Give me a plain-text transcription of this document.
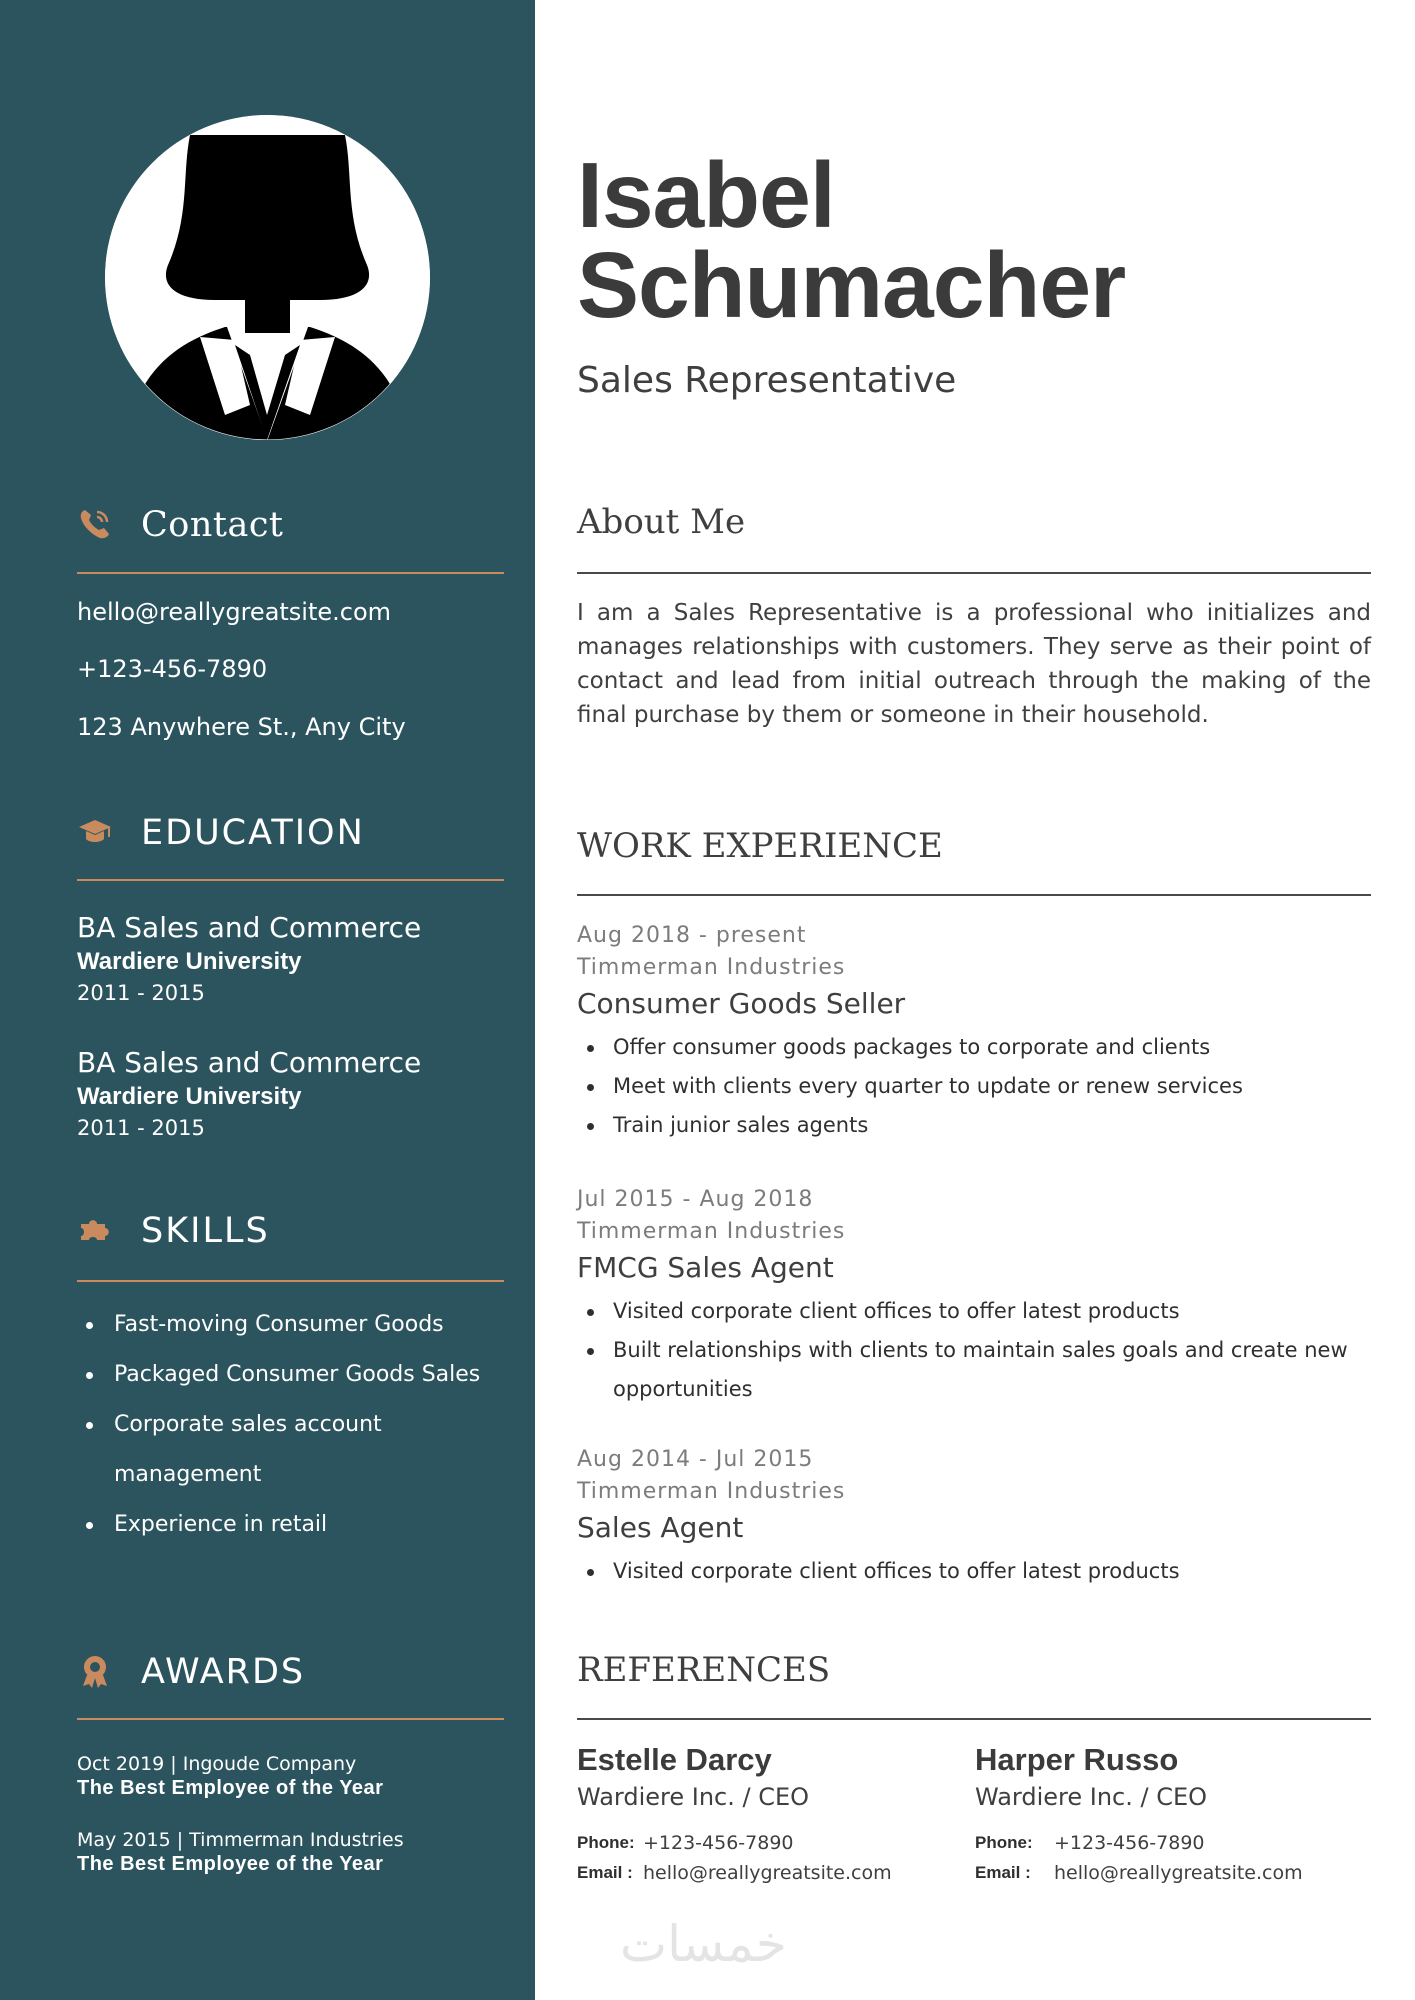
Contact
hello@reallygreatsite.com
+123-456-7890
123 Anywhere St., Any City
EDUCATION
BA Sales and Commerce
Wardiere University
2011 - 2015
BA Sales and Commerce
Wardiere University
2011 - 2015
SKILLS
Fast-moving Consumer Goods
Packaged Consumer Goods Sales
Corporate sales account management
Experience in retail
AWARDS
Oct 2019 | Ingoude Company
The Best Employee of the Year
May 2015 | Timmerman Industries
The Best Employee of the Year
Isabel
Schumacher
Sales Representative
About Me
I am a Sales Representative is a professional who initializes and manages relationships with customers. They serve as their point of contact and lead from initial outreach through the making of the final purchase by them or someone in their household.
WORK EXPERIENCE
Aug 2018 - present
Timmerman Industries
Consumer Goods Seller
Offer consumer goods packages to corporate and clients
Meet with clients every quarter to update or renew services
Train junior sales agents
Jul 2015 - Aug 2018
Timmerman Industries
FMCG Sales Agent
Visited corporate client offices to offer latest products
Built relationships with clients to maintain sales goals and create new opportunities
Aug 2014 - Jul 2015
Timmerman Industries
Sales Agent
Visited corporate client offices to offer latest products
REFERENCES
Estelle Darcy
Wardiere Inc. / CEO
Phone: +123-456-7890
Email : hello@reallygreatsite.com
Harper Russo
Wardiere Inc. / CEO
Phone: +123-456-7890
Email : hello@reallygreatsite.com
خمسات
